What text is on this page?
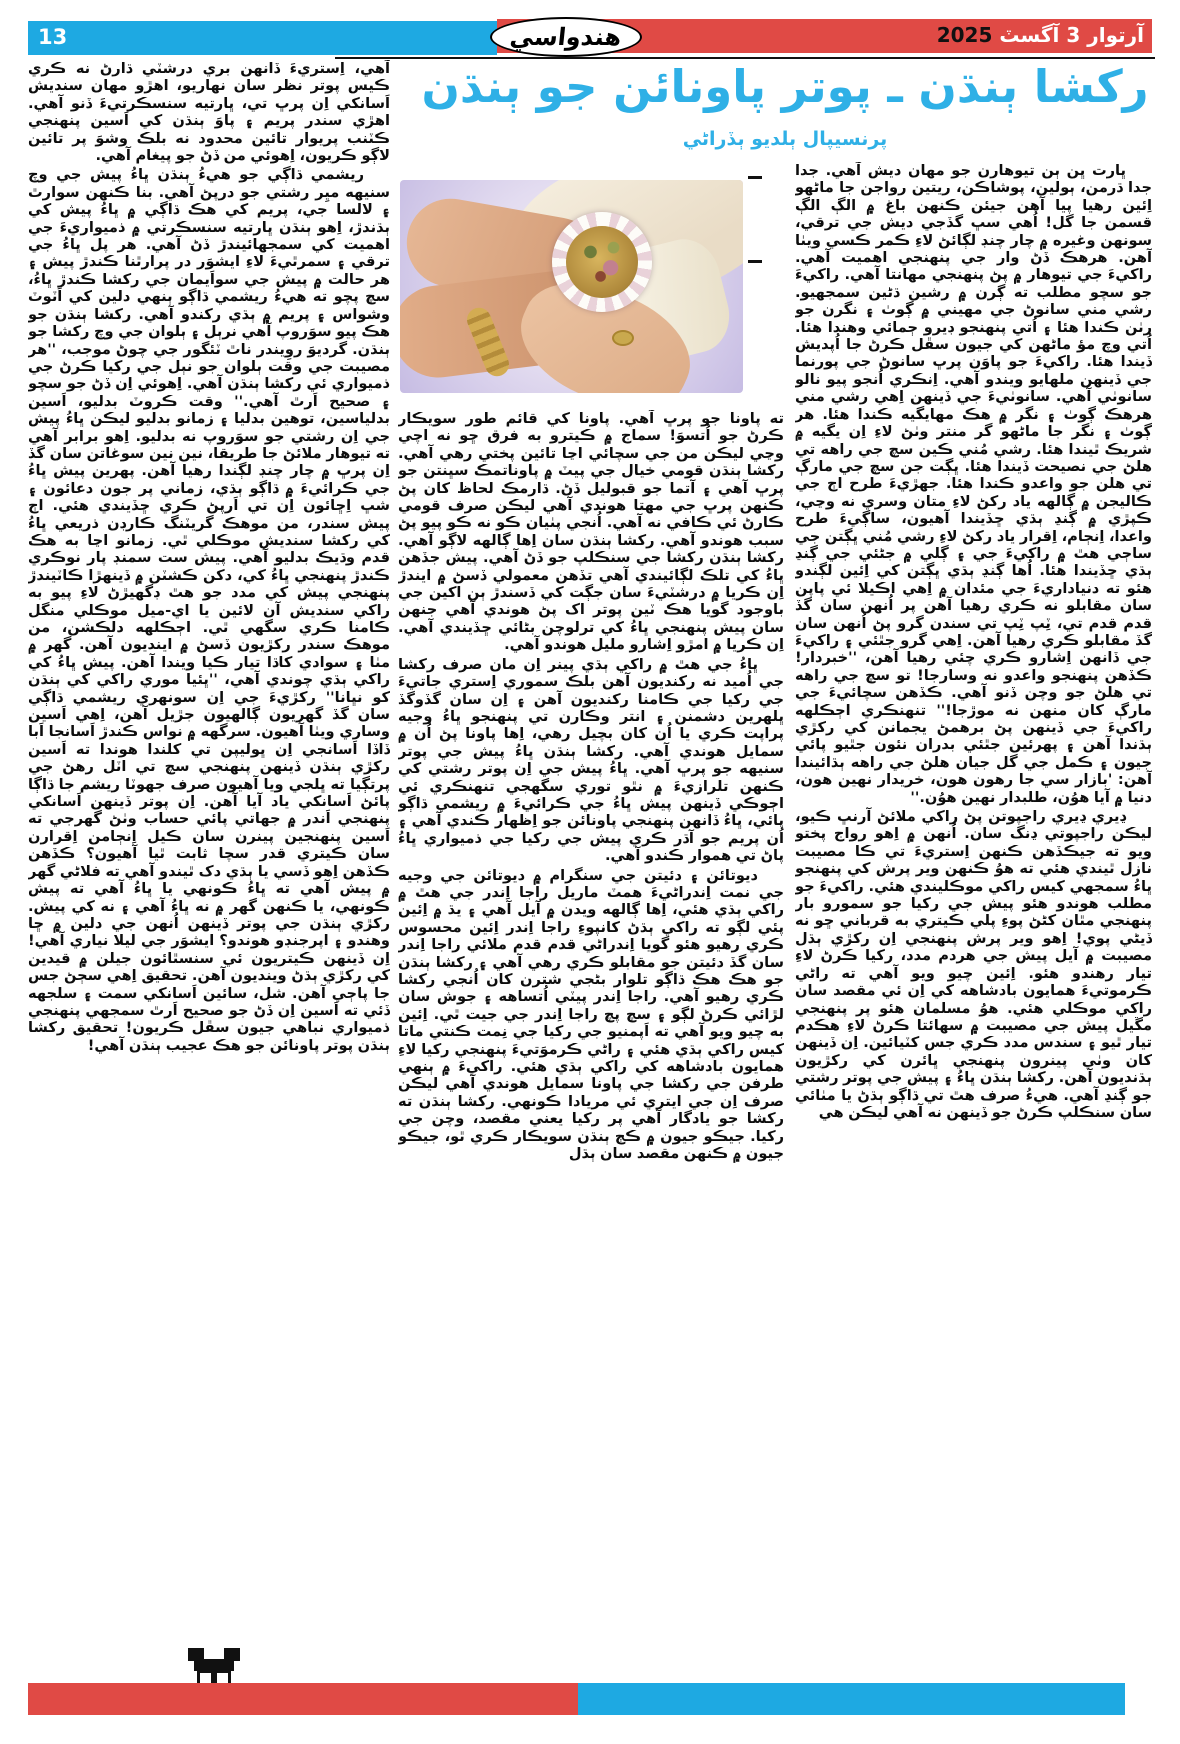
13	آرتوار 3 آگسٽ 2025
هندواسي
رکشا ٻنڌن ـ پوتر پاونائن جو ٻنڌن
پرنسيپال ٻلديو ٻڏراڻي

ڀارت ڀن ٻن تيوهارن جو مهان ديش آهي. جدا جدا ڌرمن، ٻولين، پوشاڪن، ريتين رواجن جا ماڻهو اِئين رهيا پيا آهن جيئن ڪنهن باغ ۾ الڳ الڳ قسمن جا گل! اُهي سڀ گڏجي ديش جي ترقي، سونهن وغيره ۾ چار چنڊ لڳائڻ لاءِ ڪمر ڪسي ويٺا آهن. هرهڪ ڏڻ وار جي پنهنجي اهميت آهي. راکيءَ جي تيوهار ۾ پڻ پنهنجي مهانتا آهي. راکيءَ جو سچو مطلب ته ڳرن ۾ رشين ڌڻين سمجهيو. رشي مني سانوڻ جي مهيني ۾ ڳوٺ ۽ نگرن جو رٺن ڪندا هئا ۽ اُتي پنهنجو ڊيرو ڄمائي وهندا هئا. اُتي وچ مؤ ماڻهن کي جيون سڦل ڪرڻ جا اُپديش ڏيندا هئا. راکيءَ جو پاوَن پرڀ سانوڻ جي پورنما جي ڏينهن ملهايو ويندو آهي. اِنڪري اُنجو پيو نالو سانوٺي آهي. سانوٺيءَ جي ڏينهن اِهي رشي مني هرهڪ ڳوٺ ۽ نگر ۾ هڪ مهايگيه ڪندا هئا. هر ڳوٺ ۽ نگر جا ماڻهو گر منتر وٺڻ لاءِ اِن يگيه ۾ شريڪ ٿيندا هئا. رشي مُني ڪين سچ جي راهه تي هلڻ جي نصيحت ڏيندا هئا. ڀڳت جن سچ جي مارڳ تي هلن جو واعدو ڪندا هئا. جهڙيءَ طرح اڄ جي ڪاليجن ۾ ڳالهه ياد رکڻ لاءِ متان وسري نه وڃي، ڪپڙي ۾ ڳنڍ ٻڌي ڇڏيندا آهيون، ساڳيءَ طرح واعدا، اِنڄام، اِقرار ياد رکڻ لاءِ رشي مُني ڀڳتن جي ساڄي هٿ ۾ راکيءَ جي ۽ ڳلي ۾ جڻئي جي ڳنڍ ٻڌي ڇڏيندا هئا. اُها ڳنڍ ٻڌي ڀڳتن کي اِئين لڳندو هئو ته دنياداريءَ جي مئدان ۾ اِهي اڪيلا ئي پاپن سان مقابلو نه ڪري رهيا آهن پر اُنهن سان گڏ قدم قدم تي، ٽِپ ٽِپ تي سندن گرو پڻ اُنهن سان گڏ مقابلو ڪري رهيا آهن. اِهي گرو جٿئي ۽ راکيءَ جي ڏانهن اِشارو ڪري چئي رهيا آهن، ''خبردار! ڪڏهن پنهنجو واعدو نه وسارجا! تو سچ جي راهه تي هلڻ جو وچن ڏنو آهي. ڪڏهن سچائيءَ جي مارڳ کان منهن نه موڙجا!'' تنهنڪري اڄڪلهه راکيءَ جي ڏينهن پڻ برهمڻ يجمانن کي رکڙي ٻڌندا آهن ۽ پهرئين جٿئي بدران نئون جٿيو پائي جيون ۽ ڪمل جي گل جيان هلڻ جي راهه ٻڌائيندا آهن: 'بازار سي جا رهون هون، خريدار نهين هون، دنيا ۾ آيا هوُن، طلبدار نهين هوُن.''

ڍيري ڍيري راجپوتن پڻ راکي ملائڻ آرنڀ ڪيو، ليڪن راجپوتي ڍنگ سان. اُنهن ۾ اِهو رواج پختو ويو ته جيڪڏهن ڪنهن اِستريءَ تي ڪا مصيبت نازل ٿيندي هئي ته هوُ ڪنهن وير پرش کي پنهنجو ڀاءُ سمجهي کيس راکي موڪليندي هئي. راکيءَ جو مطلب هوندو هئو پيش جي رکيا جو سمورو بار پنهنجي مٿان کڻڻ پوءِ پلي ڪيتري به قرباني ڇو نه ڏيڻي پوي! اِهو وير پرش پنهنجي اِن رکڙي ٻڌل مصيبت ۾ آيل پيش جي هردم مدد، رکيا ڪرڻ لاءِ تيار رهندو هئو. اِئين چيو ويو آهي ته راڻي ڪرموتيءَ همايون بادشاهه کي اِن ئي مقصد سان راکي موڪلي هئي. هوُ مسلمان هئو پر پنهنجي مڱيل پيش جي مصيبت ۾ سهائتا ڪرڻ لاءِ هڪدم تيار ٿيو ۽ سندس مدد ڪري جس کٽيائين. اِن ڏينهن کان وٺي پينرون پنهنجي ڀائرن کي رکڙيون ٻڌنديون آهن. رکشا ٻنڌن ڀاءُ ۽ پيش جي پوتر رشتي جو ڳنڍ آهي. هيءُ صرف هٿ تي ڌاڳو ٻڌڻ يا مٺائي سان سنڪلپ ڪرڻ جو ڏينهن نه آهي ليڪن هي

ته پاونا جو پرڀ آهي. پاونا کي قائم طور سويڪار ڪرڻ جو اُتسوَ! سماج ۾ ڪيترو به فرق ڇو نه اچي وڃي ليڪن من جي سچائي اڃا تائين پختي رهي آهي. رکشا ٻنڌن قومي خيال جي پيٽ ۾ پاوناتمڪ سڀنتن جو پرڀ آهي ۽ آتما جو قبوليل ڏڻ. ڌارمڪ لحاظ کان پڻ ڪنهن پرڀ جي مهتا هوندي آهي ليڪن صرف قومي ڪارڻ ئي ڪافي نه آهي. اُنجي پٺيان ڪو نه ڪو پيو پڻ سبب هوندو آهي. رکشا ٻنڌن سان اِها ڳالهه لاڳو آهي. رکشا ٻنڌن رکشا جي سنڪلپ جو ڏڻ آهي. پيش جڏهن ڀاءُ کي تلڪ لڳائيندي آهي تڏهن معمولي ڏسڻ ۾ ايندڙ اِن ڪريا ۾ درشٽيءَ سان جڳت کي ڏسندڙ ٻن اکين جي باوجود گويا هڪ ٽين پوتر اک پڻ هوندي آهي جنهن سان پيش پنهنجي ڀاءُ کي ترلوچن بڻائي ڇڏيندي آهي. اِن ڪريا ۾ امڙو اِشارو مليل هوندو آهي.

ڀاءُ جي هٿ ۾ راکي ٻڌي پينر اِن مان صرف رکشا جي اُميد نه رکنديون آهن بلڪ سموري اِستري جاتيءَ جي رکيا جي ڪامنا رکنديون آهن ۽ اِن سان گڏوگڏ ڀلهرين دشمنن ۽ انتر وڪارن تي پنهنجو ڀاءُ وجيه پراپت ڪري يا اُن کان بچيل رهي، اِها پاونا پڻ اُن ۾ سمايل هوندي آهي. رکشا ٻنڌن ڀاءُ پيش جي پوتر سنيهه جو پرڀ آهي. ڀاءُ پيش جي اِن پوتر رشتي کي ڪنهن تلرازيءَ ۾ نٿو توري سگهجي تنهنڪري ئي اڄوڪي ڏينهن پيش ڀاءُ جي ڪرائيءَ ۾ ريشمي ڌاڳو پائي، ڀاءُ ڏانهن پنهنجي پاونائن جو اِظهار ڪندي آهي ۽ اُن پريم جو آڌر ڪري پيش جي رکيا جي ذميواري ڀاءُ پاڻ تي هموار ڪندو آهي.

ديوتائن ۽ دئيتن جي سنگرام ۾ ديوتائن جي وجيه جي نمت اِندراڻيءَ همٽ ماريل راجا اِندر جي هٿ ۾ راکي ٻڌي هئي، اِها ڳالهه ويدن ۾ آيل آهي ۽ يڌ ۾ اِئين پئي لڳو ته راکي ٻڌڻ کانپوءِ راجا اِندر اِئين محسوس ڪري رهيو هئو گويا اِندراڻي قدم قدم ملائي راجا اِندر سان گڏ دئيتن جو مقابلو ڪري رهي آهي ۽ رکشا ٻنڌن جو هڪ هڪ ڌاڳو تلوار بڻجي شترن کان اُنجي رکشا ڪري رهيو آهي. راجا اِندر پيٽي اُتساهه ۽ جوش سان لڙائي ڪرڻ لڳو ۽ سچ پچ راجا اِندر جي جيت ٿي. اِئين به چيو ويو آهي ته اَپمنيو جي رکيا جي نِمت ڪنتي ماتا کيس راکي ٻڌي هئي ۽ راڻي ڪرموَتيءَ پنهنجي رکيا لاءِ همايون بادشاهه کي راکي ٻڌي هئي. راکيءَ ۾ ٻنهي طرفن جي رکشا جي پاونا سمايل هوندي آهي ليڪن صرف اِن جي ايتري ئي مريادا ڪونهي. رکشا ٻنڌن ته رکشا جو يادگار آهي پر رکيا يعني مقصد، وچن جي رکيا. جيڪو جيون ۾ ڪڄ ٻنڌن سويڪار ڪري ٿو، جيڪو جيون ۾ ڪنهن مقصد سان ٻڌل

آهي، اِستريءَ ڏانهن بري درشٽي ڌارڻ نه ڪري ڪيس پوتر نظر سان نهاريو، اهڙو مهان سنديش اَسانکي اِن پرڀ تي، ڀارتيه سنسڪرتيءَ ڏنو آهي. اهڙي سندر پريم ۽ پاوَ ٻنڌن کي اَسين پنهنجي ڪٽنب پريوار تائين محدود نه بلڪ وشوَ پر تائين لاڳو ڪريون، اِهوئي من ڏڻ جو پيغام آهي.

ريشمي ڌاڳي جو هيءُ ٻنڌن ڀاءُ پيش جي وچ سنيهه ميِر رشتي جو درپڻ آهي. بنا ڪنهن سوارٿ ۽ لالسا جي، پريم کي هڪ ڌاڳي ۾ ڀاءُ پيش کي ٻڌندڙ، اِهو ٻنڌن ڀارتيه سنسڪرتي ۾ ذميواريءَ جي اهميت کي سمجهائيندڙ ڏڻ آهي. هر پل ڀاءُ جي ترقي ۽ سمرٿيءَ لاءِ ايشوَر در پرارٿنا ڪندڙ پيش ۽ هر حالت ۾ پيش جي سواَيمان جي رکشا ڪندڙ ڀاءُ، سچ پچو ته هيءُ ريشمي ڌاڳو ٻنهي دلين کي اَٽوٽ وشواس ۽ پريم ۾ ٻڌي رکندو آهي. رکشا ٻنڌن جو هڪ پيو سوَروپ آهي نرٻل ۽ ٻلوان جي وچ رکشا جو ٻنڌن. گرديوَ روِيندر ناٿ ٽئگور جي چوڻ موجب، ''هر مصيبت جي وقت ٻلوان جو نٻل جي رکيا ڪرڻ جي ذميواري ئي رکشا ٻنڌن آهي. اِهوئي اِن ڏڻ جو سچو ۽ صحيح اَرٿ آهي.'' وقت ڪروٽ بدليو، اَسين بدلياسين، توهين بدليا ۽ زمانو بدليو ليڪن ڀاءُ پيش جي اِن رشتي جو سوَروپ نه بدليو. اِهو برابر آهي ته تيوهار ملائڻ جا طريقا، نين نين سوغاتن سان گڏ اِن پرڀ ۾ چار چنڊ لڳندا رهيا آهن. پهرين پيش ڀاءُ جي ڪرائيءَ ۾ ڌاڳو ٻڌي، زماني پر جون دعائون ۽ شڀ اِڇائون اِن تي اَرپڻ ڪري ڇڏيندي هئي. اڄ پيش سندر، من موهڪ گريٽنگ ڪارڊن ذريعي ڀاءُ کي رکشا سنديش موڪلي ٿي. زمانو اڃا به هڪ قدم وڌيڪ بدليو آهي. پيش ست سمنڊ پار نوڪري ڪندڙ پنهنجي ڀاءُ کي، دکن ڪشٽن ۾ ڏينهڙا ڪاٽيندڙ پنهنجي پيش کي مدد جو هٿ ڊگهيڙڻ لاءِ پيو به راکي سنديش آن لائين يا اي-ميل موڪلي منگل ڪامنا ڪري سگهي ٿي. اڄڪلهه دلڪشن، من موهڪ سندر رکڙيون ڏسڻ ۾ اينديون آهن. گهر ۾ مٺا ۽ سوادي کاڌا تيار ڪيا ويندا آهن. پيش ڀاءُ کي راکي ٻڌي چوندي آهي، ''ڀئيا موري راکي کي ٻنڌن کو نڀانا'' رکڙيءَ جي اِن سونهري ريشمي ڌاڳي سان گڏ گهريون ڳالهيون جڙيل آهن، اِهي اَسين وساري ويٺا آهيون. سرگهه ۾ نواس ڪندڙ اَسانجا اَبا ڏاڏا اَسانجي اِن ڀوليپن تي کلندا هوندا ته اَسين رکڙي ٻنڌن ڏينهن پنهنجي سچ تي اٽل رهڻ جي پرتڳيا ته ڀلجي ويا آهيون صرف جهوٽا ريشم جا ڌاڳا پائڻ اَسانکي ياد آيا آهن. اِن پوتر ڏينهن اَسانکي پنهنجي اَندر ۾ جهاتي پائي حساب وٺڻ گهرجي ته اَسين پنهنجين پينرن سان ڪيل اِنڄامن اِقرارن سان ڪيتري قدر سچا ثابت ٿيا آهيون؟ ڪڏهن ڪڏهن اِهو ڏسي يا ٻڌي دک ٿيندو آهي ته فلاڻي گهر ۾ پيش آهي ته ڀاءُ ڪونهي يا ڀاءُ آهي ته پيش ڪونهي، يا ڪنهن گهر ۾ نه ڀاءُ آهي ۽ نه کي پيش. رکڙي ٻنڌن جي پوتر ڏينهن اُنهن جي دلين ۾ ڇا وهندو ۽ اپرجنڊو هوندو؟ ايشوَر جي ليلا نياري آهي! اِن ڏينهن ڪيتريون ئي سنسٿائون جيلن ۾ قيدين کي رکڙي ٻڌڻ وينديون آهن. تحقيق اِهي سڄڻ جس جا پاڄي آهن. شل، سائين اَسانکي سمت ۽ سلجهه ڏئي ته اَسين اِن ڏڻ جو صحيح اَرٿ سمجهي پنهنجي ذميواري نباهي جيون سڦل ڪريون! تحقيق رکشا ٻنڌن پوتر پاونائن جو هڪ عجيب ٻنڌن آهي!
